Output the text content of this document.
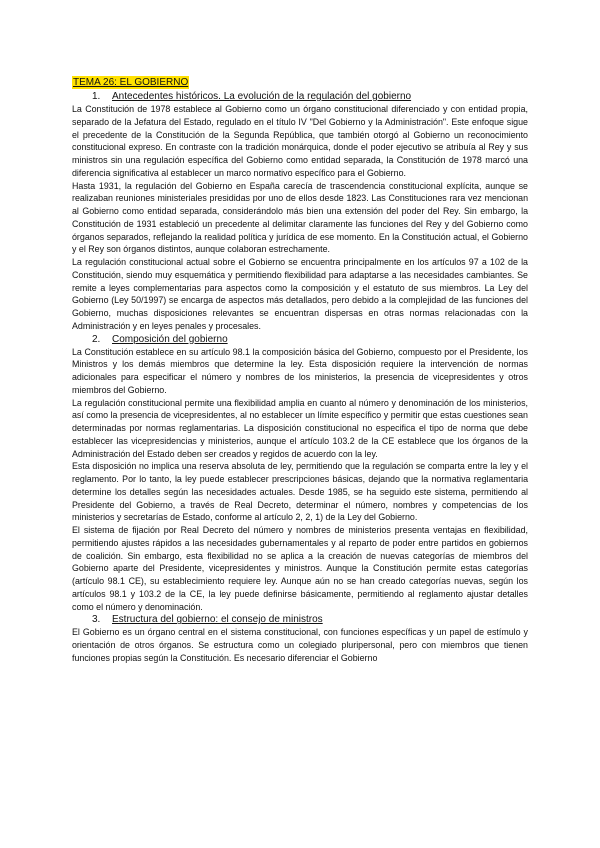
TEMA 26: EL GOBIERNO
1. Antecedentes históricos. La evolución de la regulación del gobierno

La Constitución de 1978 establece al Gobierno como un órgano constitucional diferenciado y con entidad propia, separado de la Jefatura del Estado, regulado en el título IV "Del Gobierno y la Administración". Este enfoque sigue el precedente de la Constitución de la Segunda República, que también otorgó al Gobierno un reconocimiento constitucional expreso. En contraste con la tradición monárquica, donde el poder ejecutivo se atribuía al Rey y sus ministros sin una regulación específica del Gobierno como entidad separada, la Constitución de 1978 marcó una diferencia significativa al establecer un marco normativo específico para el Gobierno.

Hasta 1931, la regulación del Gobierno en España carecía de trascendencia constitucional explícita, aunque se realizaban reuniones ministeriales presididas por uno de ellos desde 1823. Las Constituciones rara vez mencionan al Gobierno como entidad separada, considerándolo más bien una extensión del poder del Rey. Sin embargo, la Constitución de 1931 estableció un precedente al delimitar claramente las funciones del Rey y del Gobierno como órganos separados, reflejando la realidad política y jurídica de ese momento. En la Constitución actual, el Gobierno y el Rey son órganos distintos, aunque colaboran estrechamente.

La regulación constitucional actual sobre el Gobierno se encuentra principalmente en los artículos 97 a 102 de la Constitución, siendo muy esquemática y permitiendo flexibilidad para adaptarse a las necesidades cambiantes. Se remite a leyes complementarias para aspectos como la composición y el estatuto de sus miembros. La Ley del Gobierno (Ley 50/1997) se encarga de aspectos más detallados, pero debido a la complejidad de las funciones del Gobierno, muchas disposiciones relevantes se encuentran dispersas en otras normas relacionadas con la Administración y en leyes penales y procesales.

2. Composición del gobierno

La Constitución establece en su artículo 98.1 la composición básica del Gobierno, compuesto por el Presidente, los Ministros y los demás miembros que determine la ley. Esta disposición requiere la intervención de normas adicionales para especificar el número y nombres de los ministerios, la presencia de vicepresidentes y otros miembros del Gobierno.

La regulación constitucional permite una flexibilidad amplia en cuanto al número y denominación de los ministerios, así como la presencia de vicepresidentes, al no establecer un límite específico y permitir que estas cuestiones sean determinadas por normas reglamentarias. La disposición constitucional no especifica el tipo de norma que debe establecer las vicepresidencias y ministerios, aunque el artículo 103.2 de la CE establece que los órganos de la Administración del Estado deben ser creados y regidos de acuerdo con la ley.

Esta disposición no implica una reserva absoluta de ley, permitiendo que la regulación se comparta entre la ley y el reglamento. Por lo tanto, la ley puede establecer prescripciones básicas, dejando que la normativa reglamentaria determine los detalles según las necesidades actuales. Desde 1985, se ha seguido este sistema, permitiendo al Presidente del Gobierno, a través de Real Decreto, determinar el número, nombres y competencias de los ministerios y secretarías de Estado, conforme al artículo 2, 2, 1) de la Ley del Gobierno.

El sistema de fijación por Real Decreto del número y nombres de ministerios presenta ventajas en flexibilidad, permitiendo ajustes rápidos a las necesidades gubernamentales y al reparto de poder entre partidos en gobiernos de coalición. Sin embargo, esta flexibilidad no se aplica a la creación de nuevas categorías de miembros del Gobierno aparte del Presidente, vicepresidentes y ministros. Aunque la Constitución permite estas categorías (artículo 98.1 CE), su establecimiento requiere ley. Aunque aún no se han creado categorías nuevas, según los artículos 98.1 y 103.2 de la CE, la ley puede definirse básicamente, permitiendo al reglamento ajustar detalles como el número y denominación.

3. Estructura del gobierno: el consejo de ministros

El Gobierno es un órgano central en el sistema constitucional, con funciones específicas y un papel de estímulo y orientación de otros órganos. Se estructura como un colegiado pluripersonal, pero con miembros que tienen funciones propias según la Constitución. Es necesario diferenciar el Gobierno
